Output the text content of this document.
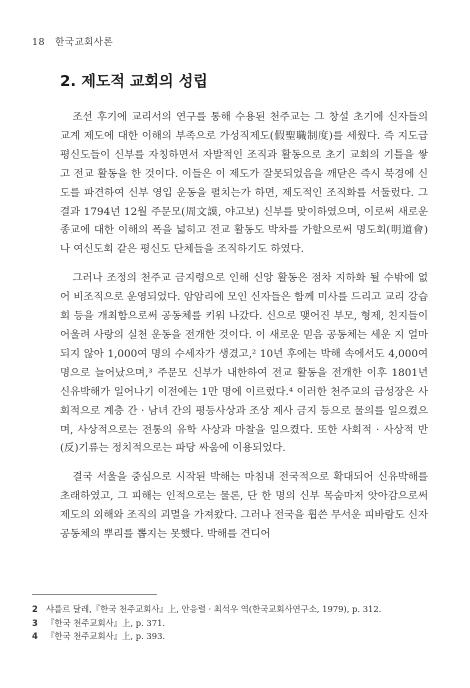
18 한국교회사론
2. 제도적 교회의 성립

조선 후기에 교리서의 연구를 통해 수용된 천주교는 그 창설 초기에 신자들의 교계 제도에 대한 이해의 부족으로 가성직제도(假聖職制度)를 세웠다. 즉 지도급 평신도들이 신부를 자칭하면서 자발적인 조직과 활동으로 초기 교회의 기틀을 쌓고 전교 활동을 한 것이다. 이들은 이 제도가 잘못되었음을 깨닫은 즉시 북경에 신도를 파견하여 신부 영입 운동을 펼치는가 하면, 제도적인 조직화를 서둘렀다. 그 결과 1794년 12월 주문모(周文謨, 야고보) 신부를 맞이하였으며, 이로써 새로운 종교에 대한 이해의 폭을 넓히고 전교 활동도 박차를 가할으로써 명도회(明道會)나 여신도회 같은 평신도 단체들을 조직하기도 하였다.

그러나 조정의 천주교 금지령으로 인해 신앙 활동은 점차 지하화 될 수밖에 없어 비조직으로 운영되었다. 암암리에 모인 신자들은 함께 미사를 드리고 교리 강습회 등을 개최함으로써 공동체를 키워 나갔다. 신으로 맺어진 부모, 형제, 친지들이 어울려 사랑의 실천 운동을 전개한 것이다. 이 새로운 믿음 공동체는 세운 지 얼마 되지 않아 1,000여 명의 수세자가 생겼고,² 10년 후에는 박해 속에서도 4,000여 명으로 늘어났으며,³ 주문모 신부가 내한하여 전교 활동을 전개한 이후 1801년 신유박해가 일어나기 이전에는 1만 명에 이르렀다.⁴ 이러한 천주교의 급성장은 사회적으로 계층 간 · 남녀 간의 평등사상과 조상 제사 금지 등으로 물의를 일으켰으며, 사상적으로는 전통의 유학 사상과 마찰을 일으켰다. 또한 사회적 · 사상적 반(反)기류는 정치적으로는 파당 싸움에 이용되었다.

결국 서울을 중심으로 시작된 박해는 마침내 전국적으로 확대되어 신유박해를 초래하였고, 그 피해는 인적으로는 물론, 단 한 명의 신부 목숨마저 앗아감으로써 제도의 외해와 조직의 괴멸을 가져왔다. 그러나 전국을 휩쓴 무서운 피바람도 신자공동체의 뿌리를 뽑지는 못했다. 박해를 견디어

2 샤를르 달레,『한국 천주교회사』上, 안응렬 · 최석우 역(한국교회사연구소, 1979), p. 312.
3 『한국 천주교회사』上, p. 371.
4 『한국 천주교회사』上, p. 393.
